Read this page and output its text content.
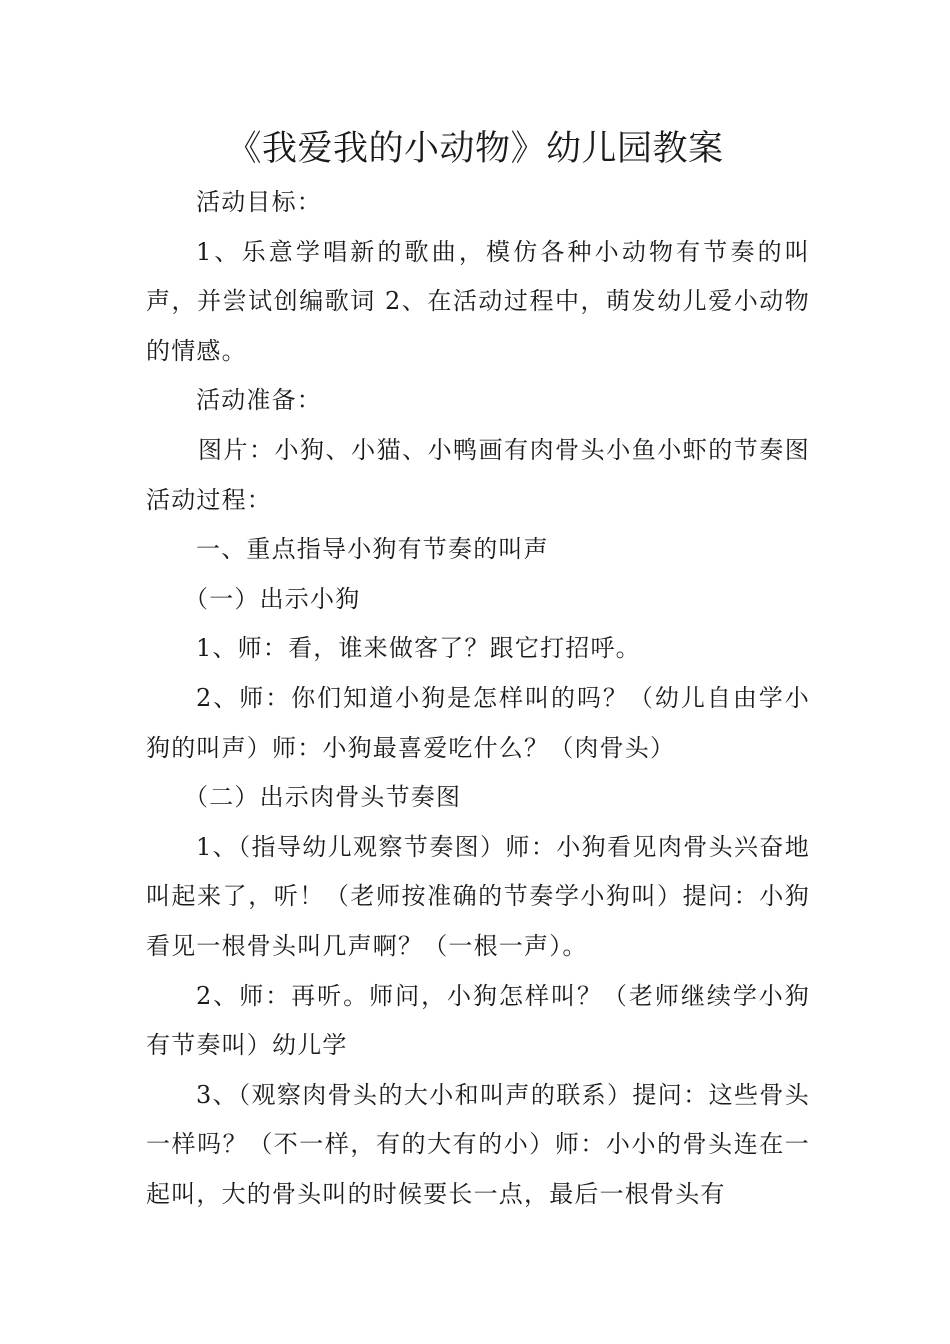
《我爱我的小动物》幼儿园教案

活动目标：

1、乐意学唱新的歌曲，模仿各种小动物有节奏的叫声，并尝试创编歌词 2、在活动过程中，萌发幼儿爱小动物的情感。

活动准备：

图片：小狗、小猫、小鸭画有肉骨头小鱼小虾的节奏图活动过程：

一、重点指导小狗有节奏的叫声

（一）出示小狗

1、师：看，谁来做客了？跟它打招呼。

2、师：你们知道小狗是怎样叫的吗？（幼儿自由学小狗的叫声）师：小狗最喜爱吃什么？（肉骨头）

（二）出示肉骨头节奏图

1、（指导幼儿观察节奏图）师：小狗看见肉骨头兴奋地叫起来了，听！（老师按准确的节奏学小狗叫）提问：小狗看见一根骨头叫几声啊？（一根一声）。

2、师：再听。师问，小狗怎样叫？（老师继续学小狗有节奏叫）幼儿学

3、（观察肉骨头的大小和叫声的联系）提问：这些骨头一样吗？（不一样，有的大有的小）师：小小的骨头连在一起叫，大的骨头叫的时候要长一点，最后一根骨头有
